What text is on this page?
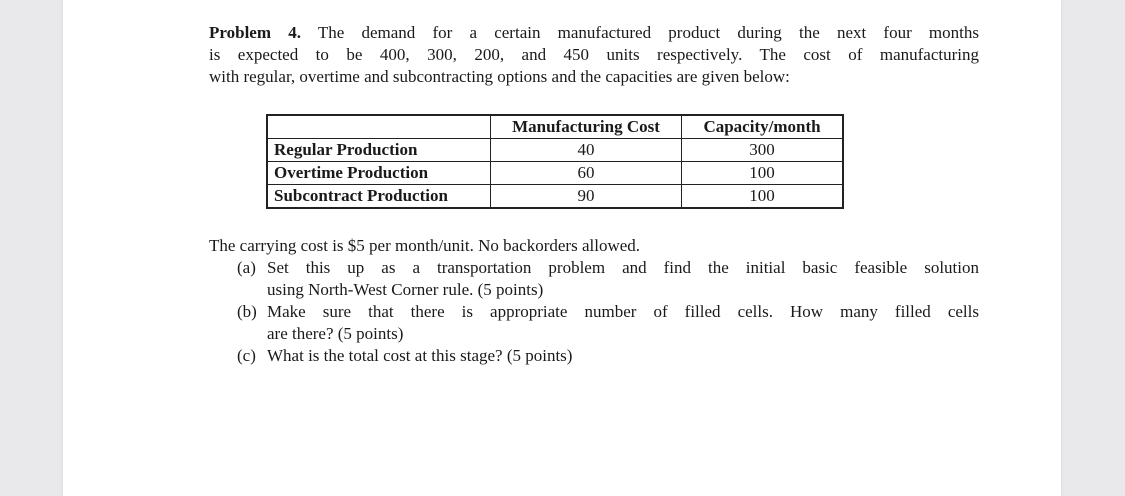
Problem 4. The demand for a certain manufactured product during the next four months
is expected to be 400, 300, 200, and 450 units respectively. The cost of manufacturing
with regular, overtime and subcontracting options and the capacities are given below:

	Manufacturing Cost	Capacity/month
Regular Production	40	300
Overtime Production	60	100
Subcontract Production	90	100

The carrying cost is $5 per month/unit. No backorders allowed.

(a) Set this up as a transportation problem and find the initial basic feasible solution
using North-West Corner rule. (5 points)
(b) Make sure that there is appropriate number of filled cells. How many filled cells
are there? (5 points)
(c) What is the total cost at this stage? (5 points)
